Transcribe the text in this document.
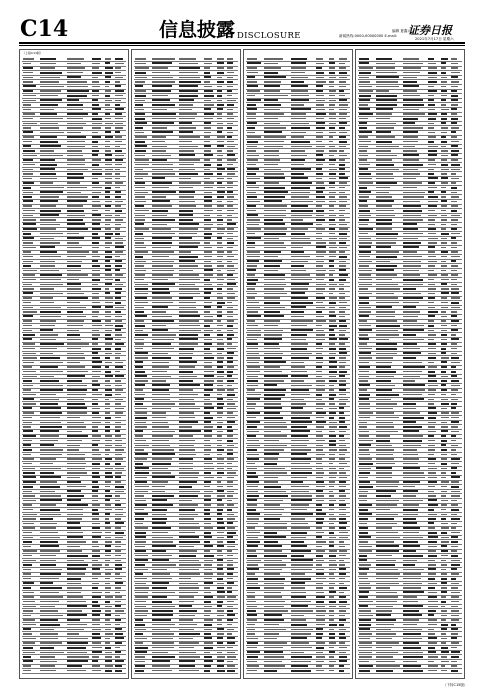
C14	信息披露 DISCLOSURE	编辑 夏鑫元
证券日报
新闻热线:0000-00000000 E-mail:
2021年7月17日 星期六
（上接C13版）
（下转C15版）
